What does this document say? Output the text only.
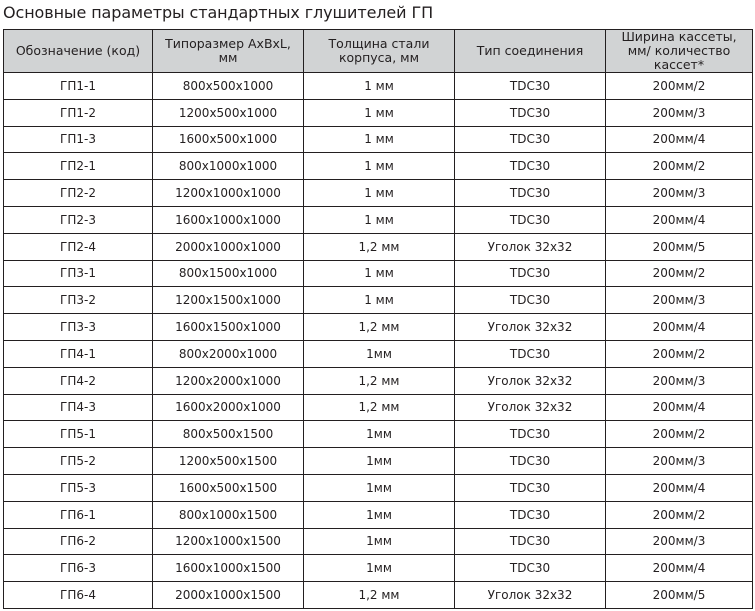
Основные параметры стандартных глушителей ГП
Обозначение (код)	Типоразмер AxBxL, мм	Толщина стали корпуса, мм	Тип соединения	Ширина кассеты, мм/ количество кассет*
ГП1-1	800x500x1000	1 мм	TDC30	200мм/2
ГП1-2	1200x500x1000	1 мм	TDC30	200мм/3
ГП1-3	1600x500x1000	1 мм	TDC30	200мм/4
ГП2-1	800x1000x1000	1 мм	TDC30	200мм/2
ГП2-2	1200x1000x1000	1 мм	TDC30	200мм/3
ГП2-3	1600x1000x1000	1 мм	TDC30	200мм/4
ГП2-4	2000x1000x1000	1,2 мм	Уголок 32x32	200мм/5
ГП3-1	800x1500x1000	1 мм	TDC30	200мм/2
ГП3-2	1200x1500x1000	1 мм	TDC30	200мм/3
ГП3-3	1600x1500x1000	1,2 мм	Уголок 32x32	200мм/4
ГП4-1	800x2000x1000	1мм	TDC30	200мм/2
ГП4-2	1200x2000x1000	1,2 мм	Уголок 32x32	200мм/3
ГП4-3	1600x2000x1000	1,2 мм	Уголок 32x32	200мм/4
ГП5-1	800x500x1500	1мм	TDC30	200мм/2
ГП5-2	1200x500x1500	1мм	TDC30	200мм/3
ГП5-3	1600x500x1500	1мм	TDC30	200мм/4
ГП6-1	800x1000x1500	1мм	TDC30	200мм/2
ГП6-2	1200x1000x1500	1мм	TDC30	200мм/3
ГП6-3	1600x1000x1500	1мм	TDC30	200мм/4
ГП6-4	2000x1000x1500	1,2 мм	Уголок 32x32	200мм/5
